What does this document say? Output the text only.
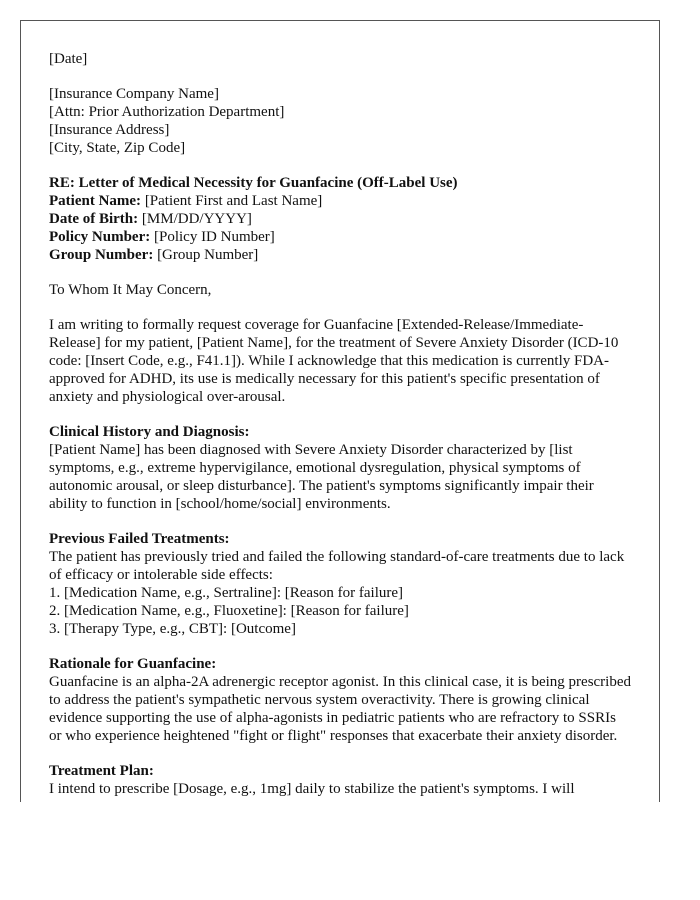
[Date]

[Insurance Company Name]
[Attn: Prior Authorization Department]
[Insurance Address]
[City, State, Zip Code]

RE: Letter of Medical Necessity for Guanfacine (Off-Label Use)
Patient Name: [Patient First and Last Name]
Date of Birth: [MM/DD/YYYY]
Policy Number: [Policy ID Number]
Group Number: [Group Number]

To Whom It May Concern,

I am writing to formally request coverage for Guanfacine [Extended-Release/Immediate-Release] for my patient, [Patient Name], for the treatment of Severe Anxiety Disorder (ICD-10 code: [Insert Code, e.g., F41.1]). While I acknowledge that this medication is currently FDA-approved for ADHD, its use is medically necessary for this patient's specific presentation of anxiety and physiological over-arousal.

Clinical History and Diagnosis:
[Patient Name] has been diagnosed with Severe Anxiety Disorder characterized by [list symptoms, e.g., extreme hypervigilance, emotional dysregulation, physical symptoms of autonomic arousal, or sleep disturbance]. The patient's symptoms significantly impair their ability to function in [school/home/social] environments.

Previous Failed Treatments:
The patient has previously tried and failed the following standard-of-care treatments due to lack of efficacy or intolerable side effects:
1. [Medication Name, e.g., Sertraline]: [Reason for failure]
2. [Medication Name, e.g., Fluoxetine]: [Reason for failure]
3. [Therapy Type, e.g., CBT]: [Outcome]

Rationale for Guanfacine:
Guanfacine is an alpha-2A adrenergic receptor agonist. In this clinical case, it is being prescribed to address the patient's sympathetic nervous system overactivity. There is growing clinical evidence supporting the use of alpha-agonists in pediatric patients who are refractory to SSRIs or who experience heightened "fight or flight" responses that exacerbate their anxiety disorder.

Treatment Plan:
I intend to prescribe [Dosage, e.g., 1mg] daily to stabilize the patient's symptoms. I will
